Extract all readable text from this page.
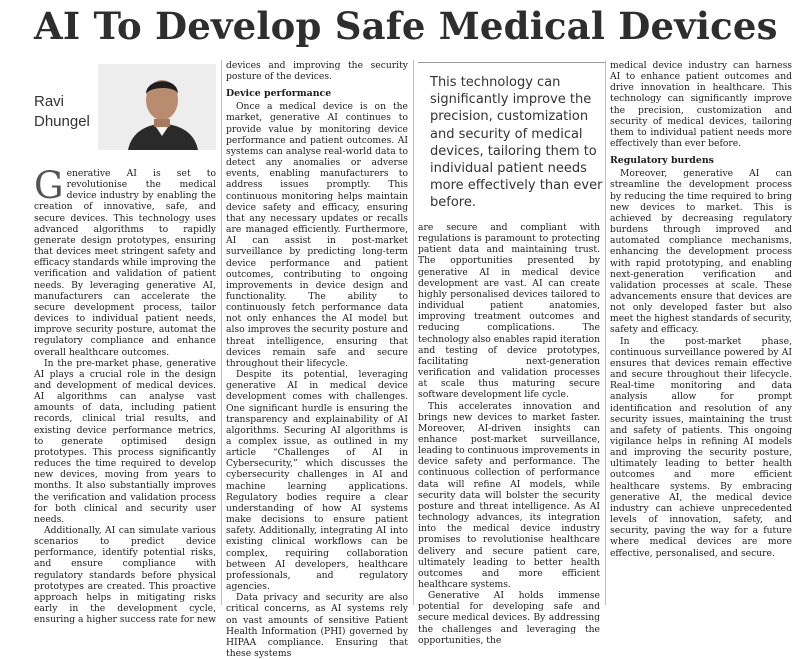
AI To Develop Safe Medical Devices
Ravi
Dhungel
This technology can significantly improve the precision, customization and security of medical devices, tailoring them to individual patient needs more effectively than ever before.

Generative AI is set to revolutionise the medical device industry by enabling the creation of innovative, safe, and secure devices. This technology uses advanced algorithms to rapidly generate design prototypes, ensuring that devices meet stringent safety and efficacy standards while improving the verification and validation of patient needs. By leveraging generative AI, manufacturers can accelerate the secure development process, tailor devices to individual patient needs, improve security posture, automat the regulatory compliance and enhance overall healthcare outcomes.

In the pre-market phase, generative AI plays a crucial role in the design and development of medical devices. AI algorithms can analyse vast amounts of data, including patient records, clinical trial results, and existing device performance metrics, to generate optimised design prototypes. This process significantly reduces the time required to develop new devices, moving from years to months. It also substantially improves the verification and validation process for both clinical and security user needs.

Additionally, AI can simulate various scenarios to predict device performance, identify potential risks, and ensure compliance with regulatory standards before physical prototypes are created. This proactive approach helps in mitigating risks early in the development cycle, ensuring a higher success rate for new

devices and improving the security posture of the devices.

Device performance

Once a medical device is on the market, generative AI continues to provide value by monitoring device performance and patient outcomes. AI systems can analyse real-world data to detect any anomalies or adverse events, enabling manufacturers to address issues promptly. This continuous monitoring helps maintain device safety and efficacy, ensuring that any necessary updates or recalls are managed efficiently. Furthermore, AI can assist in post-market surveillance by predicting long-term device performance and patient outcomes, contributing to ongoing improvements in device design and functionality. The ability to continuously fetch performance data not only enhances the AI model but also improves the security posture and threat intelligence, ensuring that devices remain safe and secure throughout their lifecycle.

Despite its potential, leveraging generative AI in medical device development comes with challenges. One significant hurdle is ensuring the transparency and explainability of AI algorithms. Securing AI algorithms is a complex issue, as outlined in my article “Challenges of AI in Cybersecurity,” which discusses the cybersecurity challenges in AI and machine learning applications. Regulatory bodies require a clear understanding of how AI systems make decisions to ensure patient safety. Additionally, integrating AI into existing clinical workflows can be complex, requiring collaboration between AI developers, healthcare professionals, and regulatory agencies.

Data privacy and security are also critical concerns, as AI systems rely on vast amounts of sensitive Patient Health Information (PHI) governed by HIPAA compliance. Ensuring that these systems

are secure and compliant with regulations is paramount to protecting patient data and maintaining trust. The opportunities presented by generative AI in medical device development are vast. AI can create highly personalised devices tailored to individual patient anatomies, improving treatment outcomes and reducing complications. The technology also enables rapid iteration and testing of device prototypes, facilitating next-generation verification and validation processes at scale thus maturing secure software development life cycle.

This accelerates innovation and brings new devices to market faster. Moreover, AI-driven insights can enhance post-market surveillance, leading to continuous improvements in device safety and performance. The continuous collection of performance data will refine AI models, while security data will bolster the security posture and threat intelligence. As AI technology advances, its integration into the medical device industry promises to revolutionise healthcare delivery and secure patient care, ultimately leading to better health outcomes and more efficient healthcare systems.

Generative AI holds immense potential for developing safe and secure medical devices. By addressing the challenges and leveraging the opportunities, the

medical device industry can harness AI to enhance patient outcomes and drive innovation in healthcare. This technology can significantly improve the precision, customization and security of medical devices, tailoring them to individual patient needs more effectively than ever before.

Regulatory burdens

Moreover, generative AI can streamline the development process by reducing the time required to bring new devices to market. This is achieved by decreasing regulatory burdens through improved and automated compliance mechanisms, enhancing the development process with rapid prototyping, and enabling next-generation verification and validation processes at scale. These advancements ensure that devices are not only developed faster but also meet the highest standards of security, safety and efficacy.

In the post-market phase, continuous surveillance powered by AI ensures that devices remain effective and secure throughout their lifecycle. Real-time monitoring and data analysis allow for prompt identification and resolution of any security issues, maintaining the trust and safety of patients. This ongoing vigilance helps in refining AI models and improving the security posture, ultimately leading to better health outcomes and more efficient healthcare systems. By embracing generative AI, the medical device industry can achieve unprecedented levels of innovation, safety, and security, paving the way for a future where medical devices are more effective, personalised, and secure.
